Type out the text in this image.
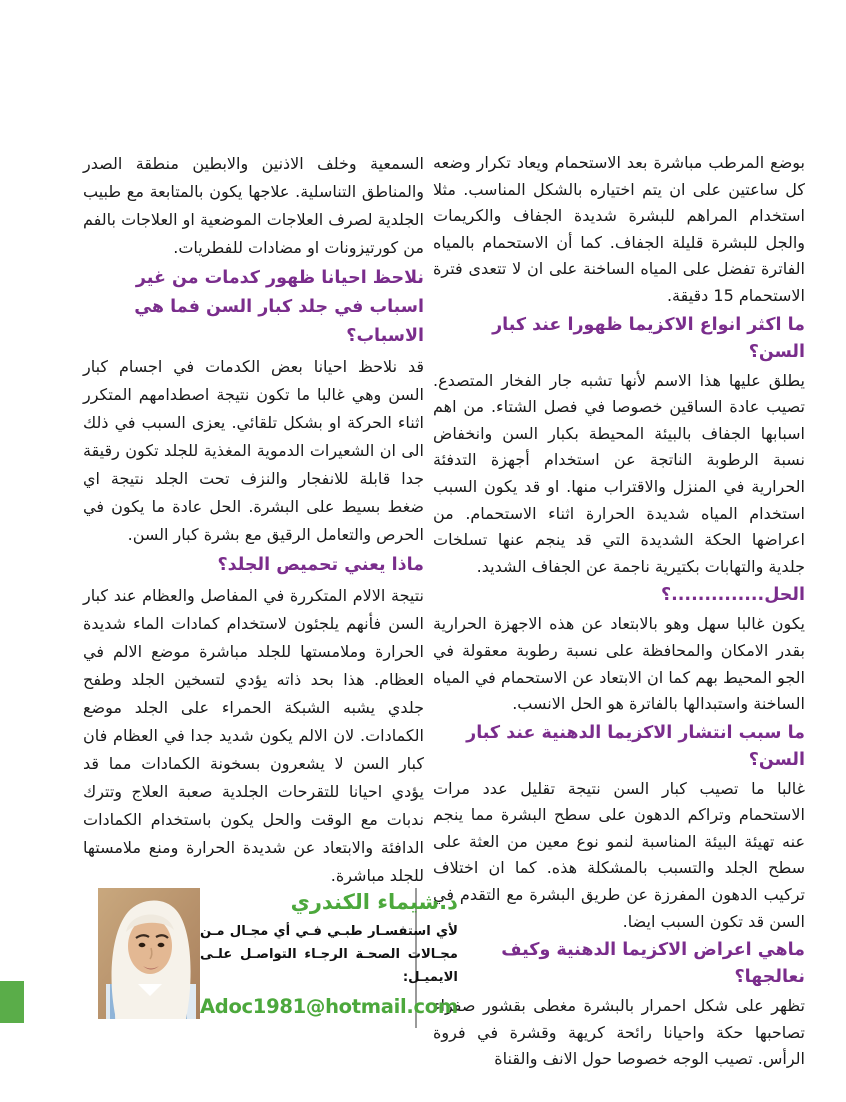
السمعية وخلف الاذنين والابطين منطقة الصدر والمناطق التناسلية. علاجها يكون بالمتابعة مع طبيب الجلدية لصرف العلاجات الموضعية او العلاجات بالفم من كورتيزونات او مضادات للفطريات.

نلاحظ احيانا ظهور كدمات من غير اسباب في جلد كبار السن فما هي الاسباب؟

قد نلاحظ احيانا بعض الكدمات في اجسام كبار السن وهي غالبا ما تكون نتيجة اصطدامهم المتكرر اثناء الحركة او بشكل تلقائي. يعزى السبب في ذلك الى ان الشعيرات الدموية المغذية للجلد تكون رقيقة جدا قابلة للانفجار والنزف تحت الجلد نتيجة اي ضغط بسيط على البشرة. الحل عادة ما يكون في الحرص والتعامل الرقيق مع بشرة كبار السن.

ماذا يعني تحميص الجلد؟

نتيجة الالام المتكررة في المفاصل والعظام عند كبار السن فأنهم يلجئون لاستخدام كمادات الماء شديدة الحرارة وملامستها للجلد مباشرة موضع الالم في العظام. هذا بحد ذاته يؤدي لتسخين الجلد وطفح جلدي يشبه الشبكة الحمراء على الجلد موضع الكمادات. لان الالم يكون شديد جدا في العظام فان كبار السن لا يشعرون بسخونة الكمادات مما قد يؤدي احيانا للتقرحات الجلدية صعبة العلاج وتترك ندبات مع الوقت والحل يكون باستخدام الكمادات الدافئة والابتعاد عن شديدة الحرارة ومنع ملامستها للجلد مباشرة.

بوضع المرطب مباشرة بعد الاستحمام ويعاد تكرار وضعه كل ساعتين على ان يتم اختياره بالشكل المناسب. مثلا استخدام المراهم للبشرة شديدة الجفاف والكريمات والجل للبشرة قليلة الجفاف. كما أن الاستحمام بالمياه الفاترة تفضل على المياه الساخنة على ان لا تتعدى فترة الاستحمام 15 دقيقة.

ما اكثر انواع الاكزيما ظهورا عند كبار السن؟

يطلق عليها هذا الاسم لأنها تشبه جار الفخار المتصدع. تصيب عادة الساقين خصوصا في فصل الشتاء. من اهم اسبابها الجفاف بالبيئة المحيطة بكبار السن وانخفاض نسبة الرطوبة الناتجة عن استخدام أجهزة التدفئة الحرارية في المنزل والاقتراب منها. او قد يكون السبب استخدام المياه شديدة الحرارة اثناء الاستحمام. من اعراضها الحكة الشديدة التي قد ينجم عنها تسلخات جلدية والتهابات بكتيرية ناجمة عن الجفاف الشديد.

الحل..............؟

يكون غالبا سهل وهو بالابتعاد عن هذه الاجهزة الحرارية بقدر الامكان والمحافظة على نسبة رطوبة معقولة في الجو المحيط بهم كما ان الابتعاد عن الاستحمام في المياه الساخنة واستبدالها بالفاترة هو الحل الانسب.

ما سبب انتشار الاكزيما الدهنية عند كبار السن؟

غالبا ما تصيب كبار السن نتيجة تقليل عدد مرات الاستحمام وتراكم الدهون على سطح البشرة مما ينجم عنه تهيئة البيئة المناسبة لنمو نوع معين من العثة على سطح الجلد والتسبب بالمشكلة هذه. كما ان اختلاف تركيب الدهون المفرزة عن طريق البشرة مع التقدم في السن قد تكون السبب ايضا.

ماهي اعراض الاكزيما الدهنية وكيف نعالجها؟

تظهر على شكل احمرار بالبشرة مغطى بقشور صفراء تصاحبها حكة واحيانا رائحة كريهة وقشرة في فروة الرأس. تصيب الوجه خصوصا حول الانف والقناة

د.شيماء الكندري
لأي استفسـار طبـي فـي أي مجـال مـن مجـالات الصحـة الرجـاء التواصـل علـى الايميـل:
Adoc1981@hotmail.com
